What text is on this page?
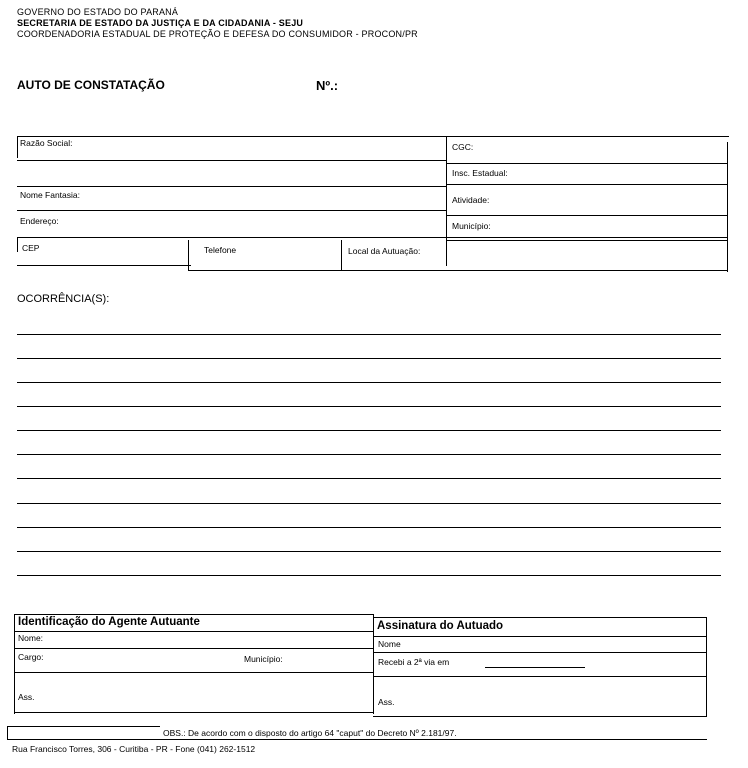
GOVERNO DO ESTADO DO PARANÁ
SECRETARIA DE ESTADO DA JUSTIÇA E DA CIDADANIA - SEJU
COORDENADORIA ESTADUAL DE PROTEÇÃO E DEFESA DO CONSUMIDOR - PROCON/PR
AUTO DE CONSTATAÇÃO	Nº.:
Razão Social:	CGC:
Insc. Estadual:
Nome Fantasia:	Atividade:
Endereço:	Município:
CEP	Telefone	Local da Autuação:
OCORRÊNCIA(S):
Identificação do Agente Autuante
Nome:
Cargo:	Município:
Ass.
Assinatura do Autuado
Nome
Recebi a 2ª via em
Ass.
OBS.: De acordo com o disposto do artigo 64 "caput" do Decreto Nº 2.181/97.
Rua Francisco Torres, 306 - Curitiba - PR - Fone (041) 262-1512
